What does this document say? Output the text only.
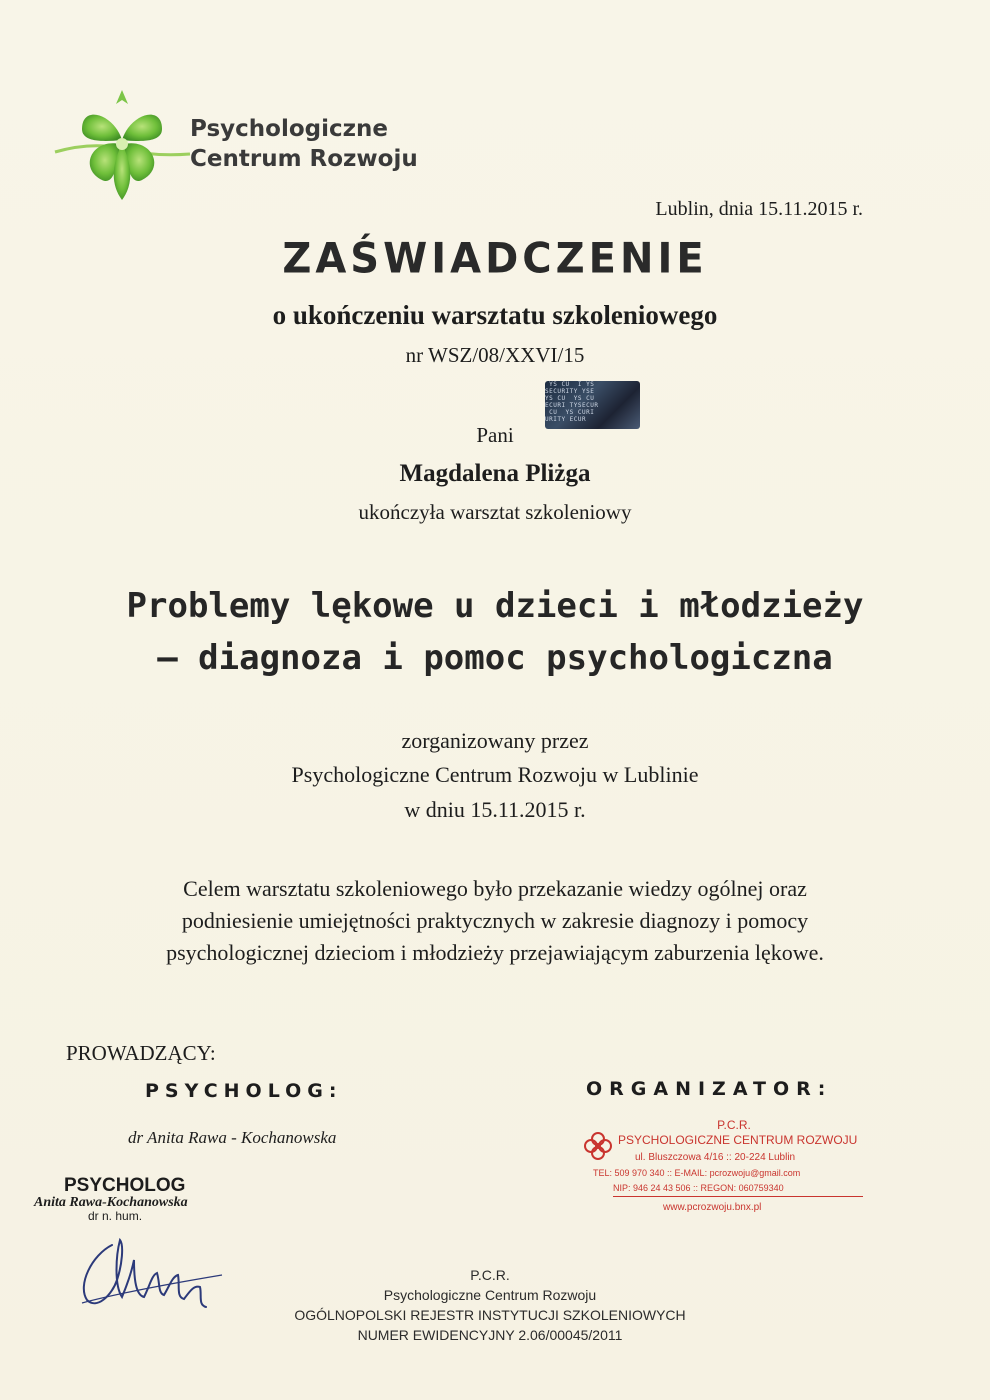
Psychologiczne
Centrum Rozwoju
Lublin, dnia 15.11.2015 r.
ZAŚWIADCZENIE
o ukończeniu warsztatu szkoleniowego
nr WSZ/08/XXVI/15
YS CU  I YS
SECURITY YSE
YS CU  YS CU
ECURI TYSECUR
CU  YS CURI
URITY ECUR
Pani
Magdalena Pliżga
ukończyła warsztat szkoleniowy
Problemy lękowe u dzieci i młodzieży
– diagnoza i pomoc psychologiczna
zorganizowany przez
Psychologiczne Centrum Rozwoju w Lublinie
w dniu 15.11.2015 r.
Celem warsztatu szkoleniowego było przekazanie wiedzy ogólnej oraz
podniesienie umiejętności praktycznych w zakresie diagnozy i pomocy
psychologicznej dzieciom i młodzieży przejawiającym zaburzenia lękowe.
PROWADZĄCY:
PSYCHOLOG:	ORGANIZATOR:
dr Anita Rawa - Kochanowska
PSYCHOLOG
Anita Rawa-Kochanowska
dr n. hum.
P.C.R.
PSYCHOLOGICZNE CENTRUM ROZWOJU
ul. Bluszczowa 4/16 :: 20-224 Lublin
TEL: 509 970 340 :: E-MAIL: pcrozwoju@gmail.com
NIP: 946 24 43 506 :: REGON: 060759340
www.pcrozwoju.bnx.pl
P.C.R.
Psychologiczne Centrum Rozwoju
OGÓLNOPOLSKI REJESTR INSTYTUCJI SZKOLENIOWYCH
NUMER EWIDENCYJNY 2.06/00045/2011
